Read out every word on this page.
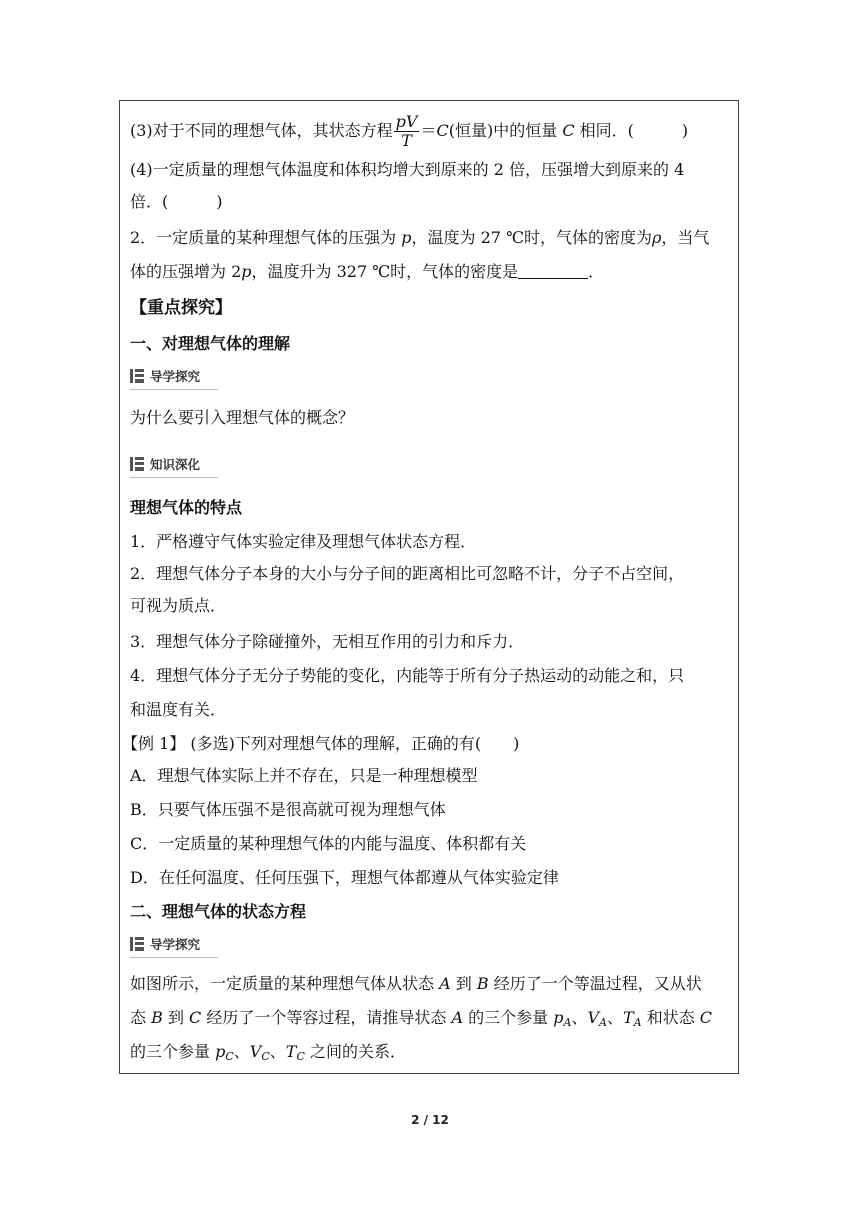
(3)对于不同的理想气体，其状态方程 $\frac{pV}{T} =C$(恒量)中的恒量 C 相同．(　　　)
(4)一定质量的理想气体温度和体积均增大到原来的 2 倍，压强增大到原来的 4
倍．(　　　)
2．一定质量的某种理想气体的压强为 p，温度为 27 ℃时，气体的密度为ρ，当气
体的压强增为 2p，温度升为 327 ℃时，气体的密度是	．
【重点探究】
一、对理想气体的理解
导学探究
为什么要引入理想气体的概念？
知识深化
理想气体的特点
1．严格遵守气体实验定律及理想气体状态方程．
2．理想气体分子本身的大小与分子间的距离相比可忽略不计，分子不占空间，
可视为质点．
3．理想气体分子除碰撞外，无相互作用的引力和斥力．
4．理想气体分子无分子势能的变化，内能等于所有分子热运动的动能之和，只
和温度有关．
【例 1】 (多选)下列对理想气体的理解，正确的有(　　)
A．理想气体实际上并不存在，只是一种理想模型
B．只要气体压强不是很高就可视为理想气体
C．一定质量的某种理想气体的内能与温度、体积都有关
D．在任何温度、任何压强下，理想气体都遵从气体实验定律
二、理想气体的状态方程
导学探究
如图所示，一定质量的某种理想气体从状态 A 到 B 经历了一个等温过程，又从状
态 B 到 C 经历了一个等容过程，请推导状态 A 的三个参量 $p_A$、$V_A$、$T_A$ 和状态 C
的三个参量 $p_C$、$V_C$、$T_C$ 之间的关系．
2 / 12
